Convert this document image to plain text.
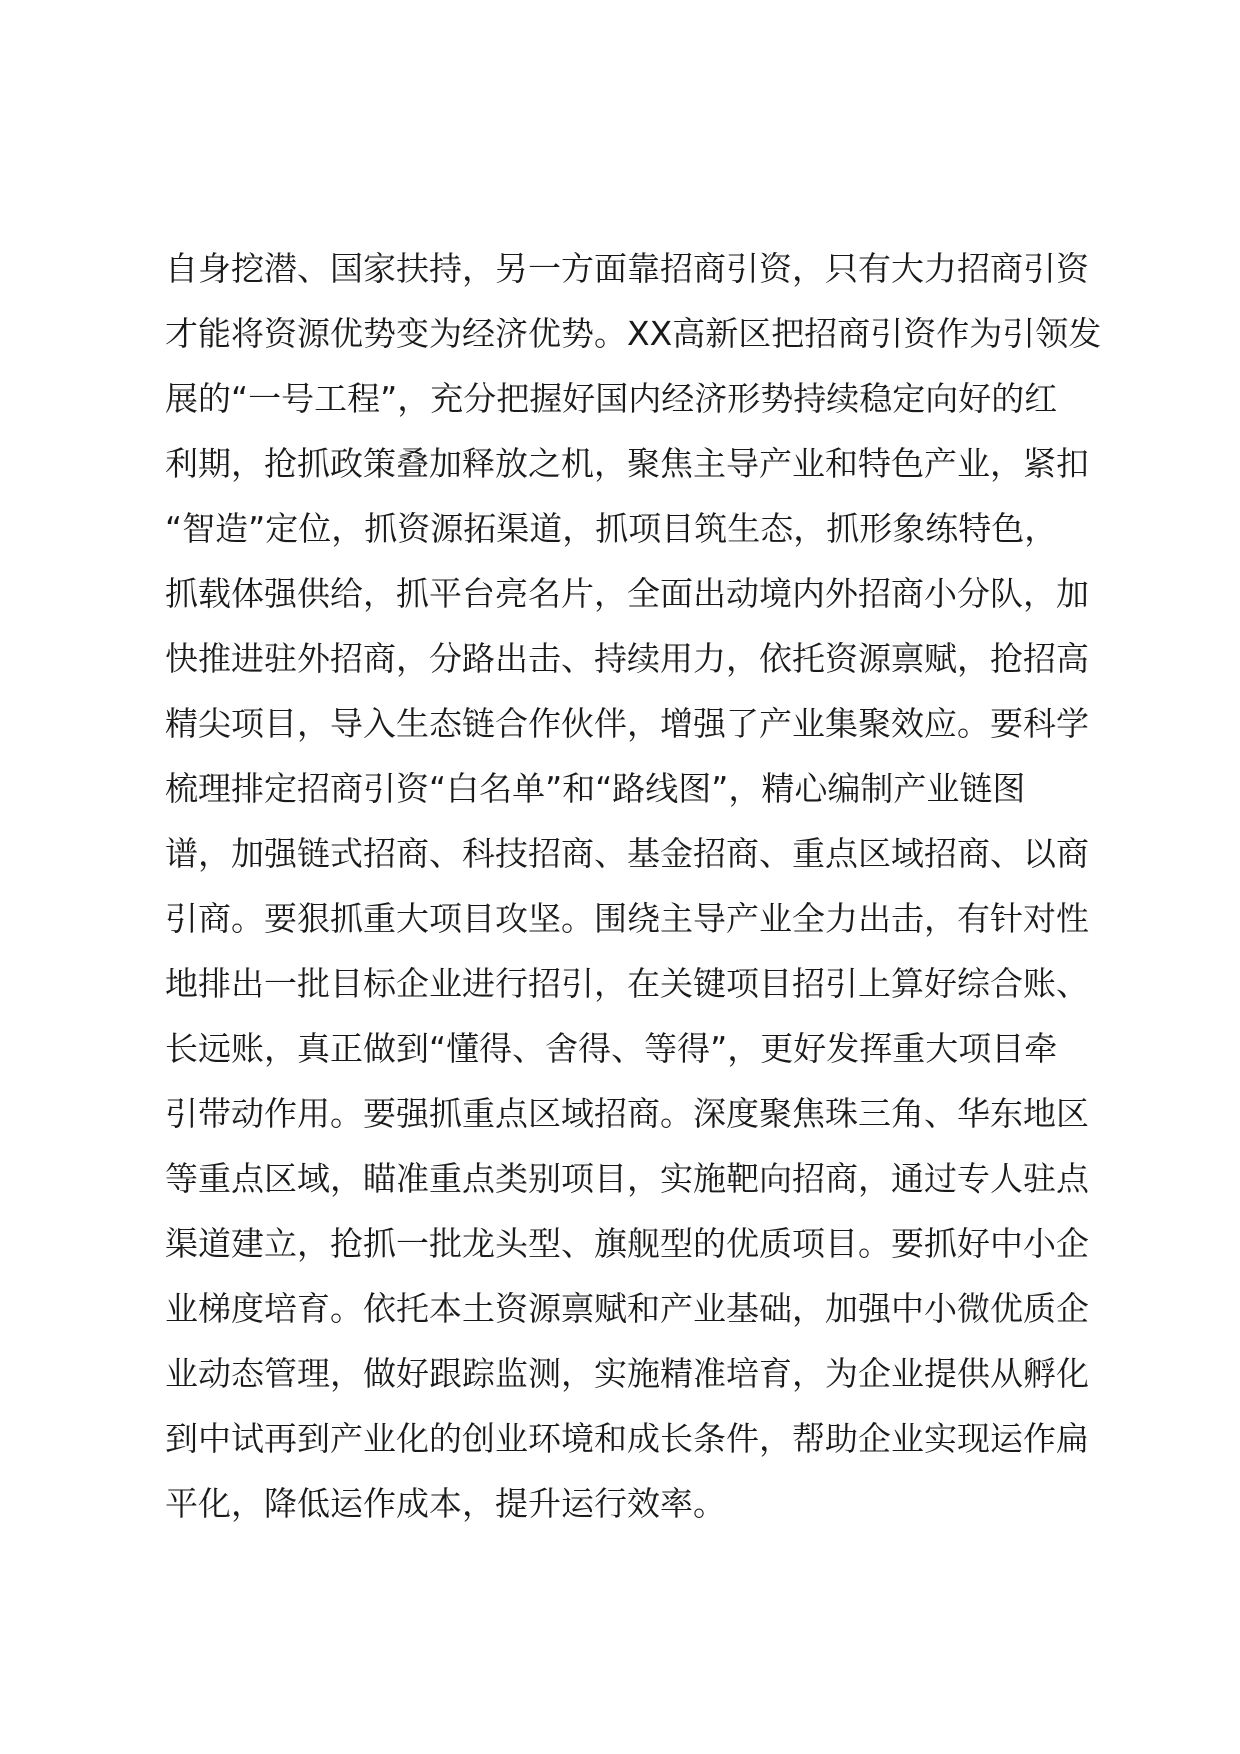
自身挖潜、国家扶持，另一方面靠招商引资，只有大力招商引资
才能将资源优势变为经济优势。XX高新区把招商引资作为引领发
展的“一号工程”，充分把握好国内经济形势持续稳定向好的红
利期，抢抓政策叠加释放之机，聚焦主导产业和特色产业，紧扣
“智造”定位，抓资源拓渠道，抓项目筑生态，抓形象练特色，
抓载体强供给，抓平台亮名片，全面出动境内外招商小分队，加
快推进驻外招商，分路出击、持续用力，依托资源禀赋，抢招高
精尖项目，导入生态链合作伙伴，增强了产业集聚效应。要科学
梳理排定招商引资“白名单”和“路线图”，精心编制产业链图
谱，加强链式招商、科技招商、基金招商、重点区域招商、以商
引商。要狠抓重大项目攻坚。围绕主导产业全力出击，有针对性
地排出一批目标企业进行招引，在关键项目招引上算好综合账、
长远账，真正做到“懂得、舍得、等得”，更好发挥重大项目牵
引带动作用。要强抓重点区域招商。深度聚焦珠三角、华东地区
等重点区域，瞄准重点类别项目，实施靶向招商，通过专人驻点
渠道建立，抢抓一批龙头型、旗舰型的优质项目。要抓好中小企
业梯度培育。依托本土资源禀赋和产业基础，加强中小微优质企
业动态管理，做好跟踪监测，实施精准培育，为企业提供从孵化
到中试再到产业化的创业环境和成长条件，帮助企业实现运作扁
平化，降低运作成本，提升运行效率。
